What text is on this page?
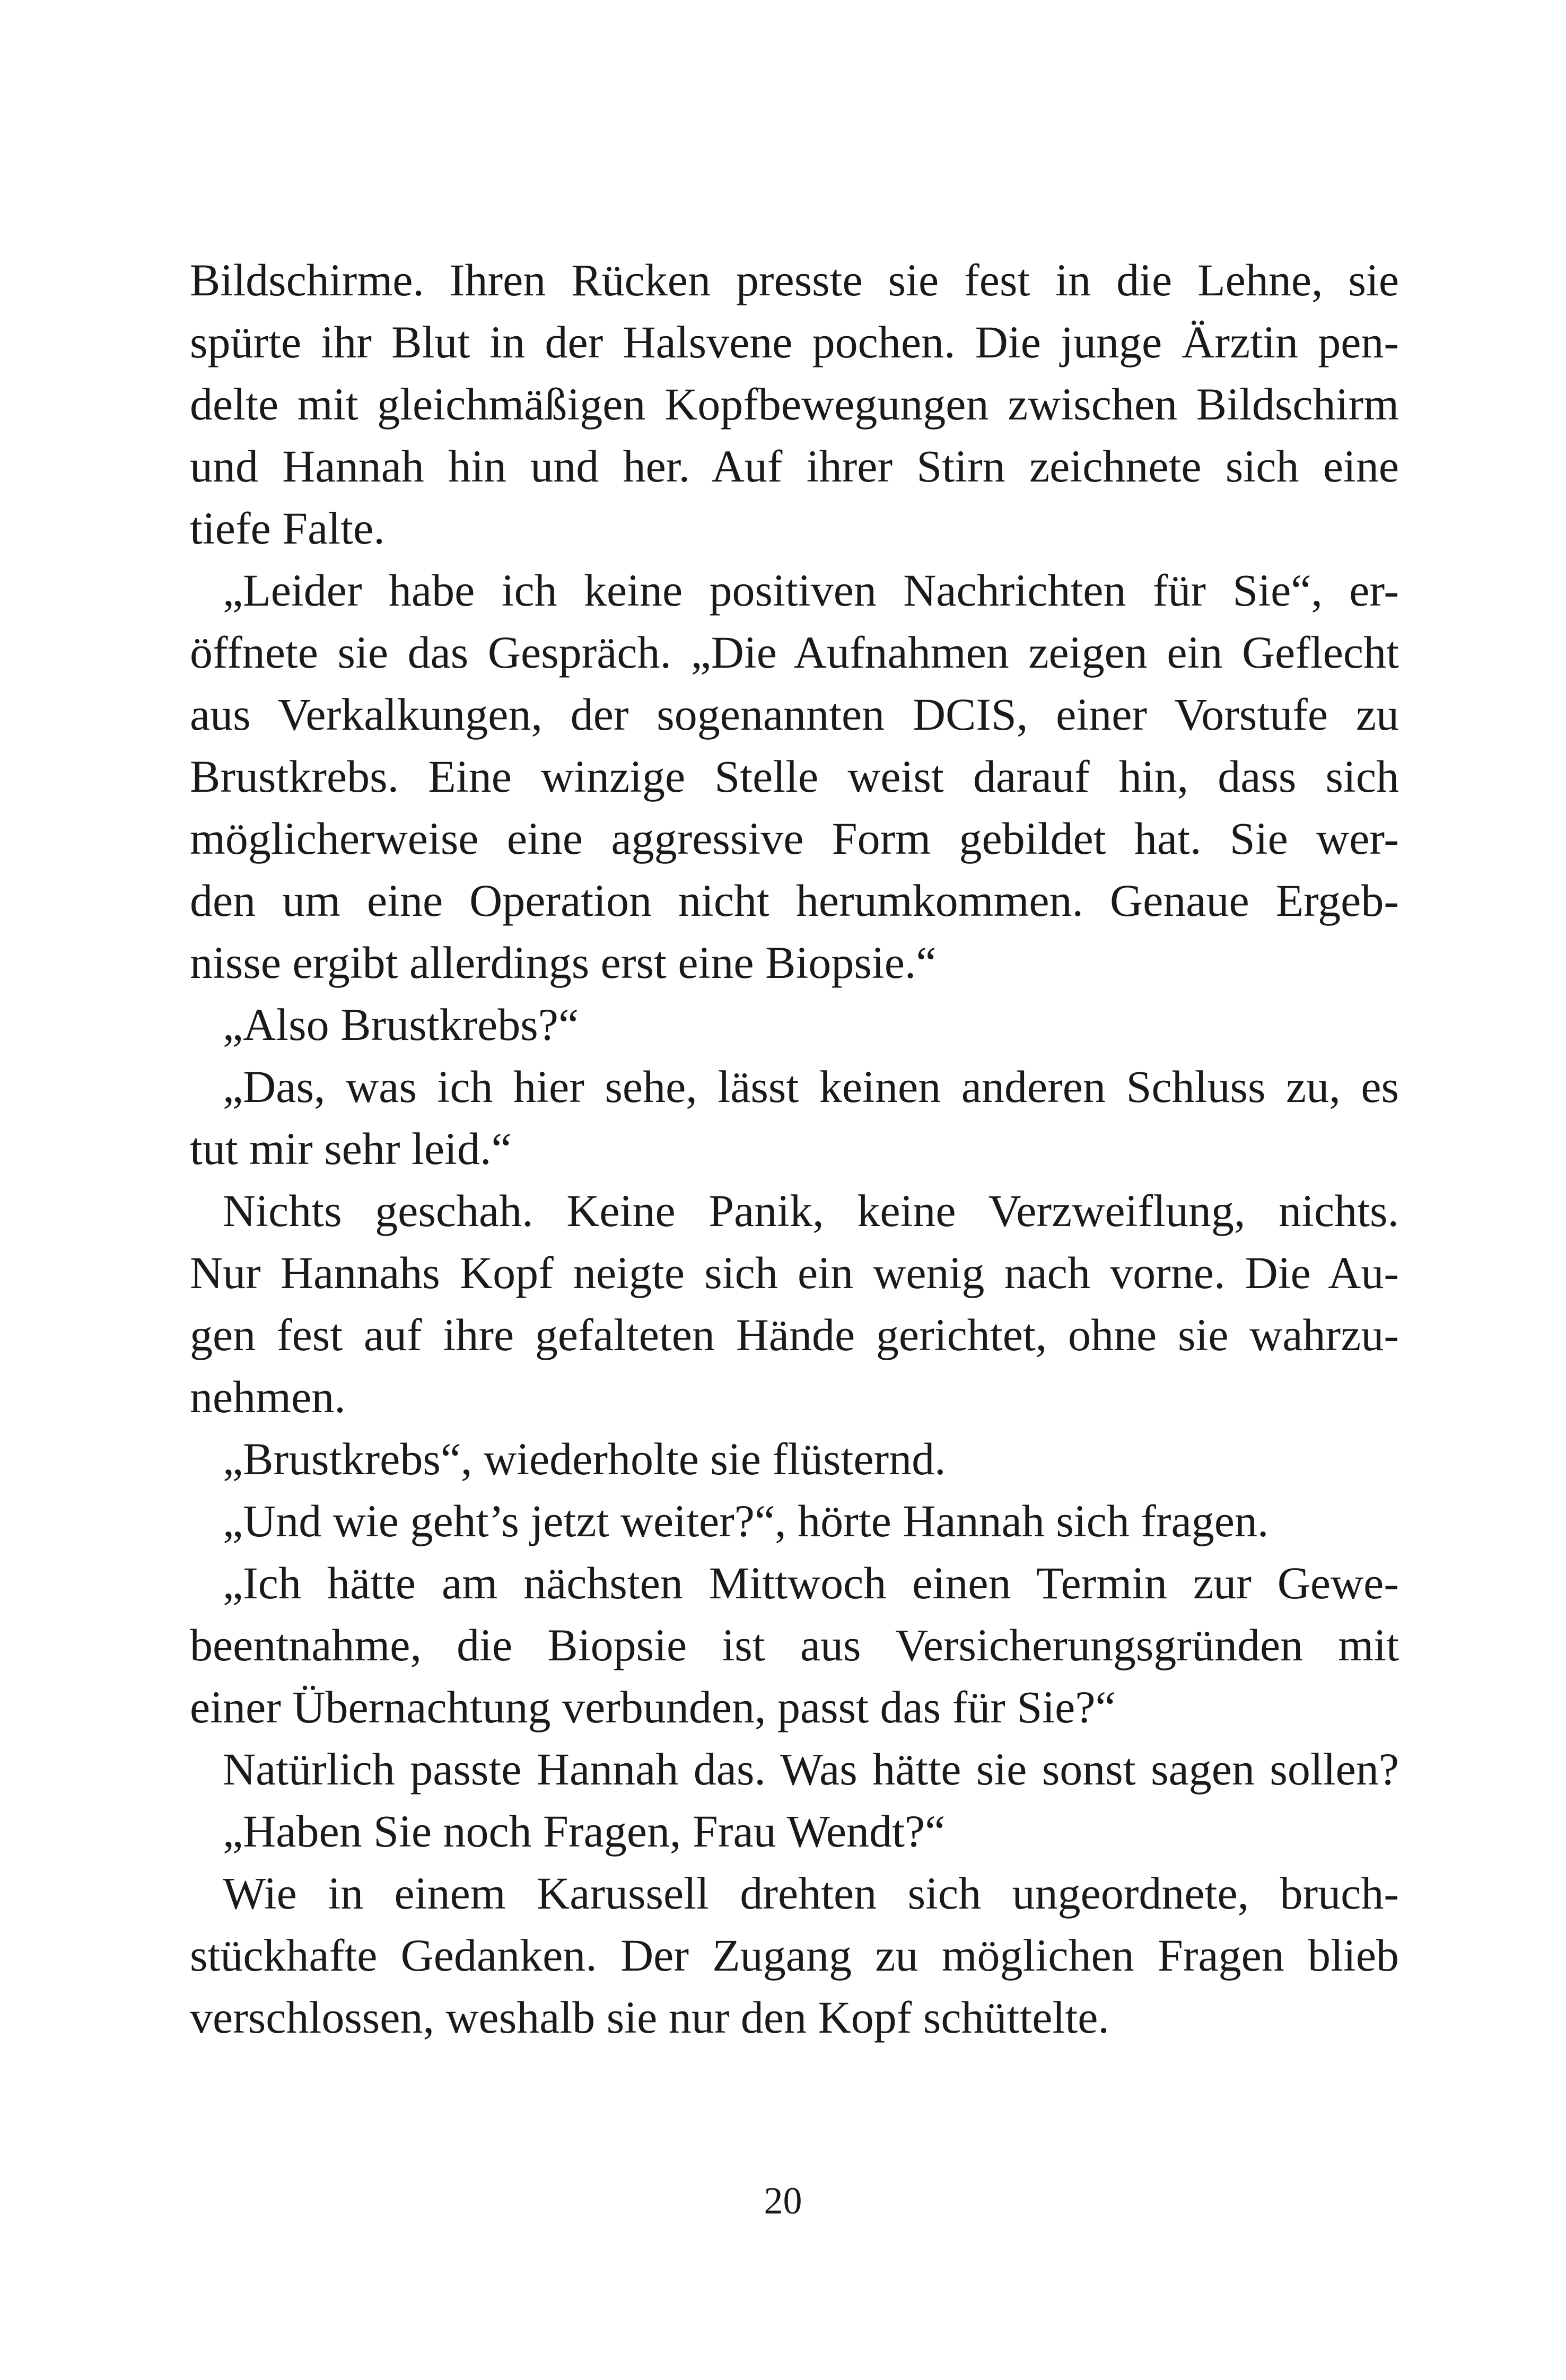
Bildschirme. Ihren Rücken presste sie fest in die Lehne, sie
spürte ihr Blut in der Halsvene pochen. Die junge Ärztin pen-
delte mit gleichmäßigen Kopfbewegungen zwischen Bildschirm
und Hannah hin und her. Auf ihrer Stirn zeichnete sich eine
tiefe Falte.
„Leider habe ich keine positiven Nachrichten für Sie“, er-
öffnete sie das Gespräch. „Die Aufnahmen zeigen ein Geflecht
aus Verkalkungen, der sogenannten DCIS, einer Vorstufe zu
Brustkrebs. Eine winzige Stelle weist darauf hin, dass sich
möglicherweise eine aggressive Form gebildet hat. Sie wer-
den um eine Operation nicht herumkommen. Genaue Ergeb-
nisse ergibt allerdings erst eine Biopsie.“
„Also Brustkrebs?“
„Das, was ich hier sehe, lässt keinen anderen Schluss zu, es
tut mir sehr leid.“
Nichts geschah. Keine Panik, keine Verzweiflung, nichts.
Nur Hannahs Kopf neigte sich ein wenig nach vorne. Die Au-
gen fest auf ihre gefalteten Hände gerichtet, ohne sie wahrzu-
nehmen.
„Brustkrebs“, wiederholte sie flüsternd.
„Und wie geht’s jetzt weiter?“, hörte Hannah sich fragen.
„Ich hätte am nächsten Mittwoch einen Termin zur Gewe-
beentnahme, die Biopsie ist aus Versicherungsgründen mit
einer Übernachtung verbunden, passt das für Sie?“
Natürlich passte Hannah das. Was hätte sie sonst sagen sollen?
„Haben Sie noch Fragen, Frau Wendt?“
Wie in einem Karussell drehten sich ungeordnete, bruch-
stückhafte Gedanken. Der Zugang zu möglichen Fragen blieb
verschlossen, weshalb sie nur den Kopf schüttelte.
20
